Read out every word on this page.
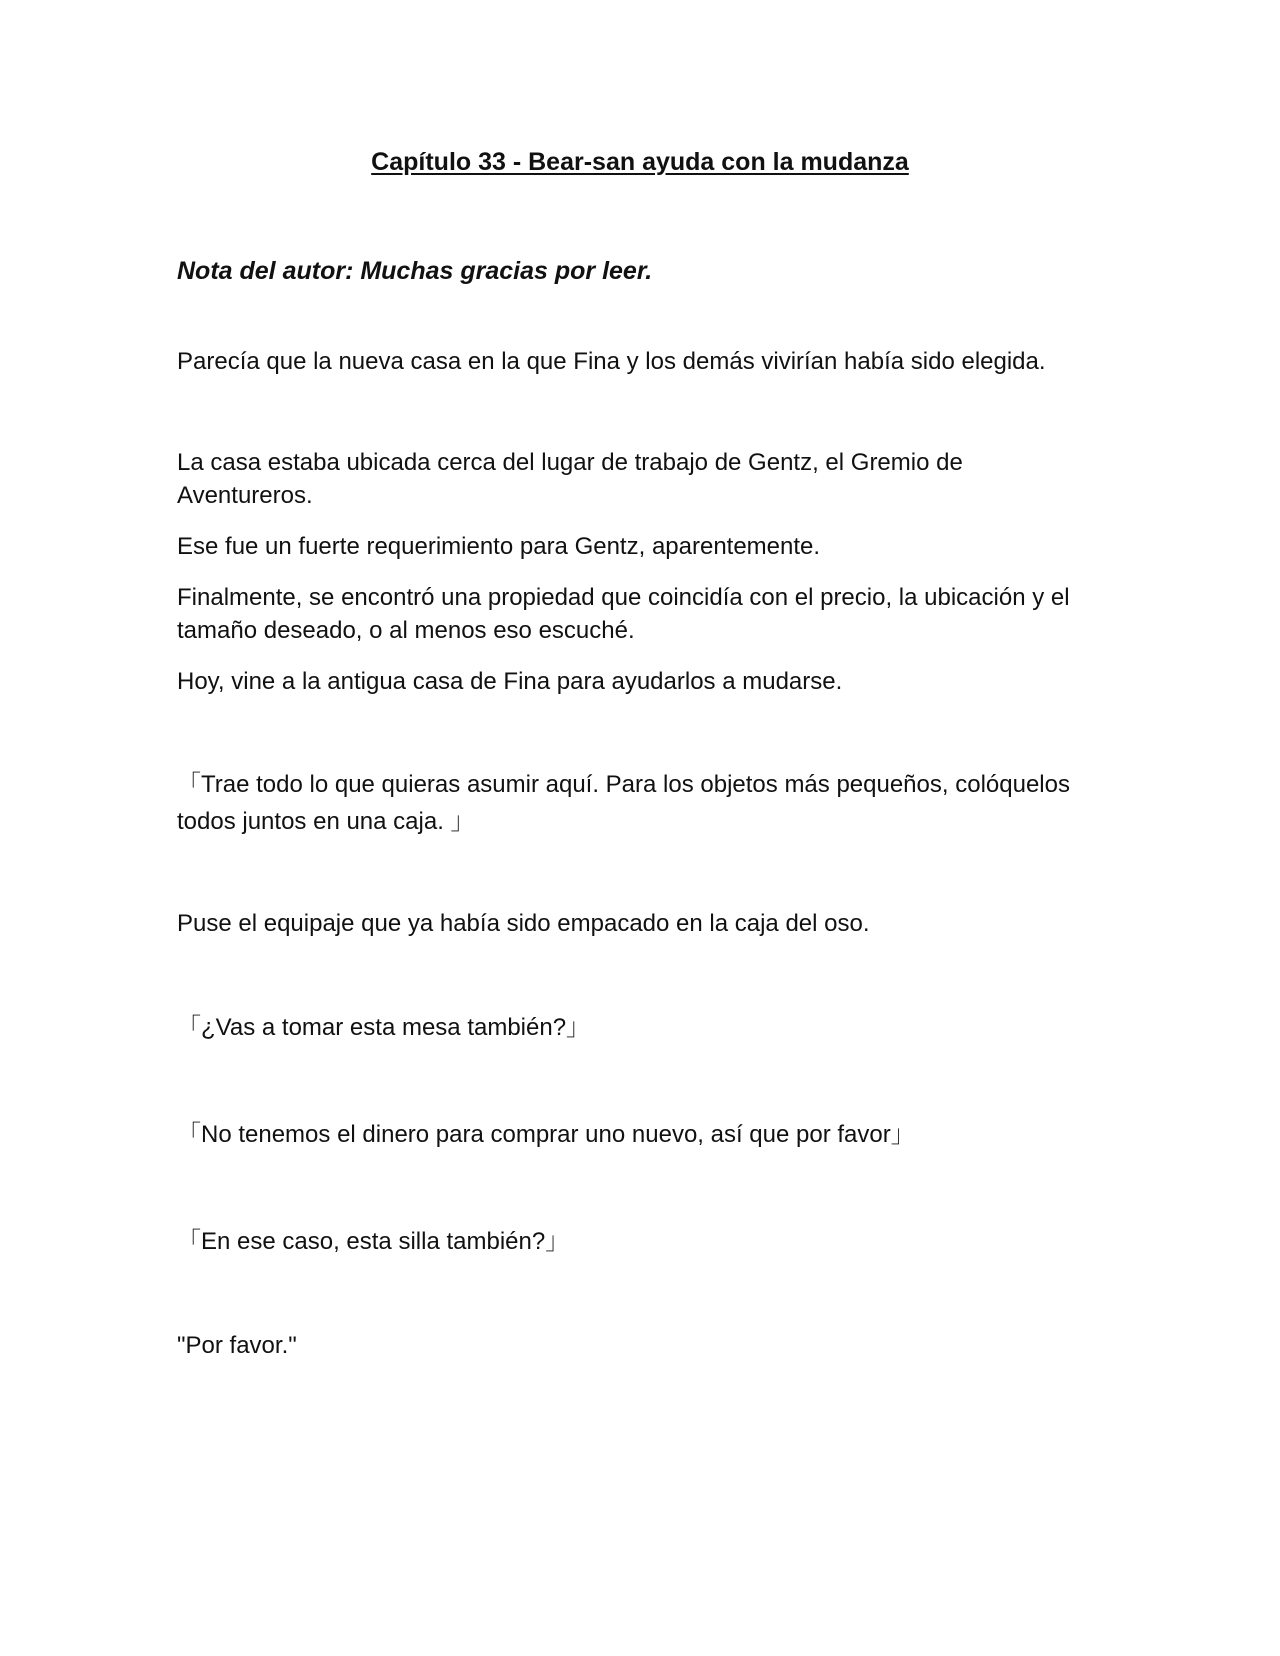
Capítulo 33 - Bear-san ayuda con la mudanza

Nota del autor: Muchas gracias por leer.

Parecía que la nueva casa en la que Fina y los demás vivirían había sido elegida.

La casa estaba ubicada cerca del lugar de trabajo de Gentz, el Gremio de Aventureros.

Ese fue un fuerte requerimiento para Gentz, aparentemente.

Finalmente, se encontró una propiedad que coincidía con el precio, la ubicación y el tamaño deseado, o al menos eso escuché.

Hoy, vine a la antigua casa de Fina para ayudarlos a mudarse.

「Trae todo lo que quieras asumir aquí. Para los objetos más pequeños, colóquelos todos juntos en una caja. 」

Puse el equipaje que ya había sido empacado en la caja del oso.

「¿Vas a tomar esta mesa también?」

「No tenemos el dinero para comprar uno nuevo, así que por favor」

「En ese caso, esta silla también?」

"Por favor."
